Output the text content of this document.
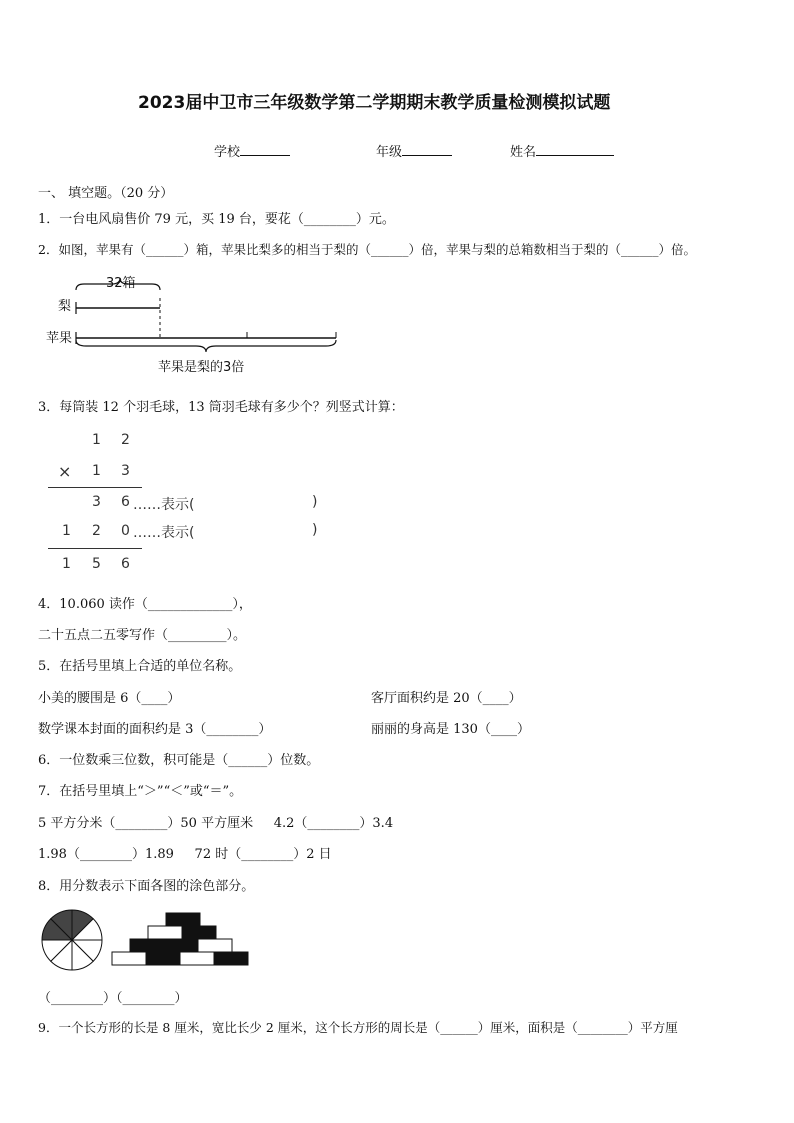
2023届中卫市三年级数学第二学期期末教学质量检测模拟试题
学校	年级	姓名
一、 填空题。（20 分）
1．一台电风扇售价 79 元，买 19 台，要花（________）元。
2．如图，苹果有（______）箱，苹果比梨多的相当于梨的（______）倍，苹果与梨的总箱数相当于梨的（______）倍。
32箱
梨
苹果
苹果是梨的3倍
3．每筒装 12 个羽毛球，13 筒羽毛球有多少个？列竖式计算：
1 2
× 1 3
3 6 ……表示(	)
1 2 0 ……表示(	)
1 5 6
4．10.060 读作（_____________），
二十五点二五零写作（_________）。
5．在括号里填上合适的单位名称。
小美的腰围是 6（____）	客厅面积约是 20（____）
数学课本封面的面积约是 3（________）	丽丽的身高是 130（____）
6．一位数乘三位数，积可能是（______）位数。
7．在括号里填上“＞”“＜”或“＝”。
5 平方分米（________）50 平方厘米     4.2（________）3.4
1.98（________）1.89     72 时（________）2 日
8．用分数表示下面各图的涂色部分。
（________）（________）
9．一个长方形的长是 8 厘米，宽比长少 2 厘米，这个长方形的周长是（______）厘米，面积是（________）平方厘
